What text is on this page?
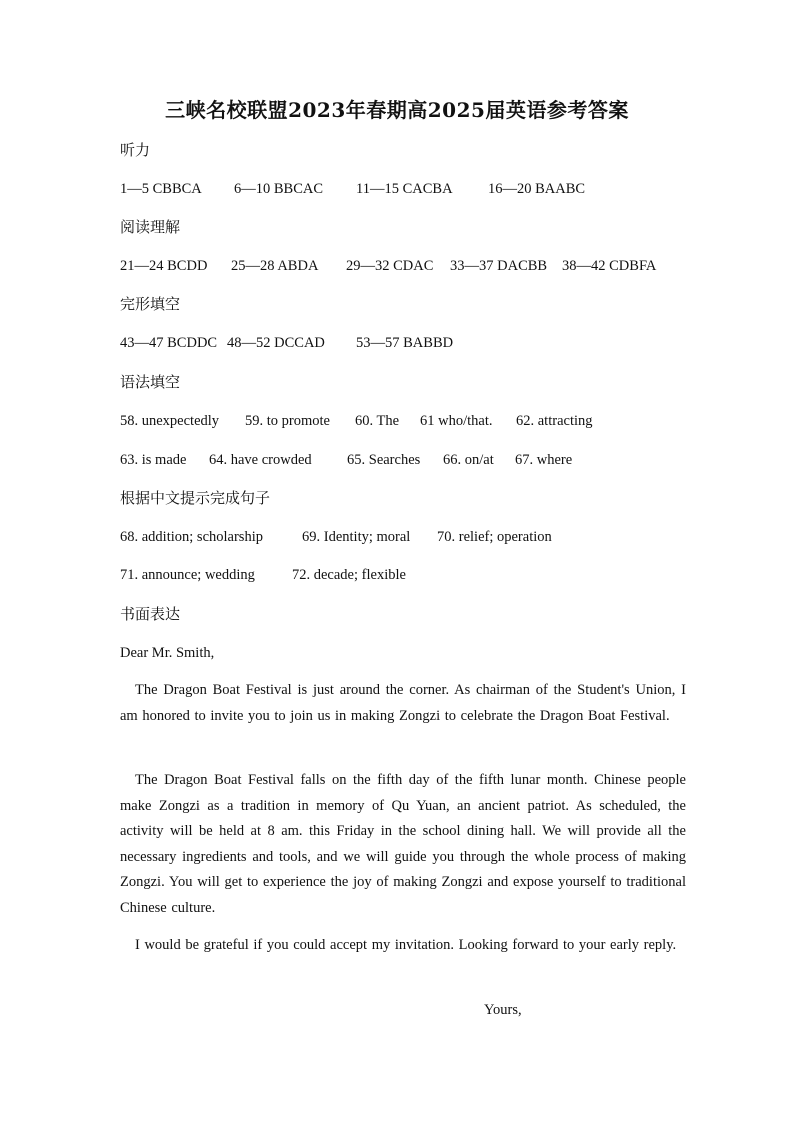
三峡名校联盟2023年春期高2025届英语参考答案
听力
1—5 CBBCA 6—10 BBCAC 11—15 CACBA 16—20 BAABC
阅读理解
21—24 BCDD 25—28 ABDA 29—32 CDAC 33—37 DACBB 38—42 CDBFA
完形填空
43—47 BCDDC 48—52 DCCAD 53—57 BABBD
语法填空
58. unexpectedly 59. to promote 60. The 61 who/that. 62. attracting
63. is made 64. have crowded 65. Searches 66. on/at 67. where
根据中文提示完成句子
68. addition; scholarship	69. Identity; moral 70. relief; operation
71. announce; wedding	72. decade; flexible
书面表达
Dear Mr. Smith,
The Dragon Boat Festival is just around the corner. As chairman of the Student's Union, I am honored to invite you to join us in making Zongzi to celebrate the Dragon Boat Festival.
The Dragon Boat Festival falls on the fifth day of the fifth lunar month. Chinese people make Zongzi as a tradition in memory of Qu Yuan, an ancient patriot. As scheduled, the activity will be held at 8 am. this Friday in the school dining hall. We will provide all the necessary ingredients and tools, and we will guide you through the whole process of making Zongzi. You will get to experience the joy of making Zongzi and expose yourself to traditional Chinese culture.
I would be grateful if you could accept my invitation. Looking forward to your early reply.
Yours,
